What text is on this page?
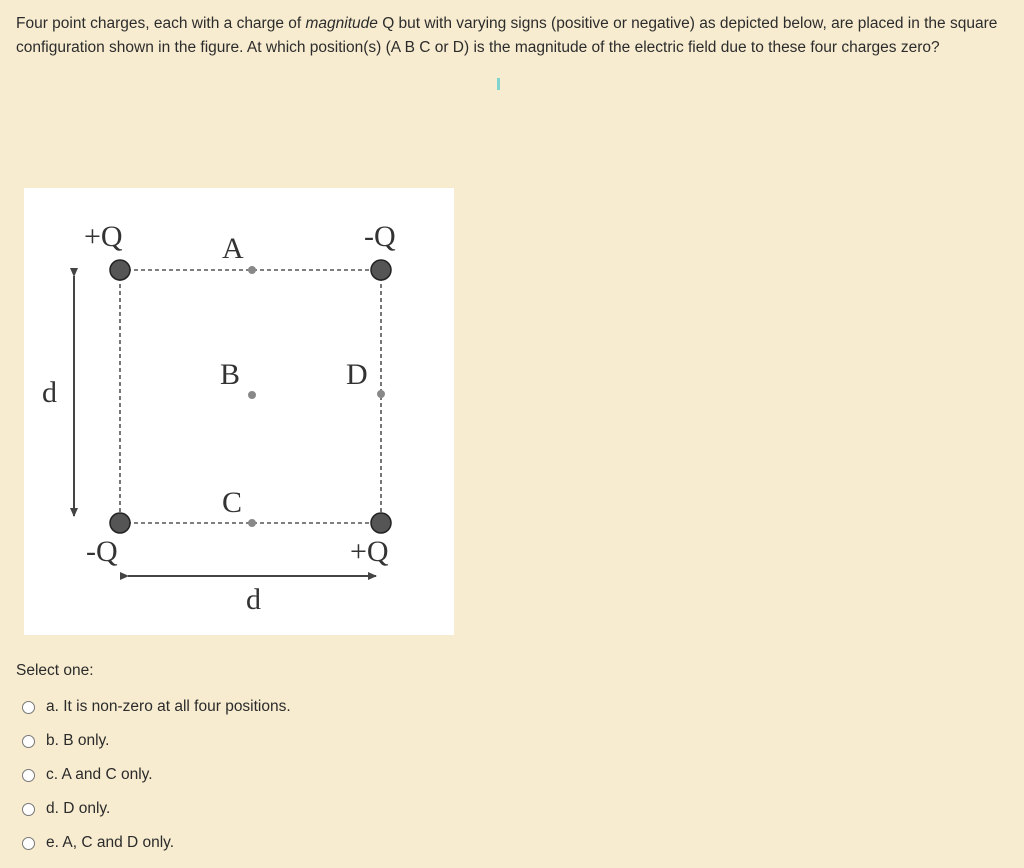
Four point charges, each with a charge of magnitude Q but with varying signs (positive or negative) as depicted below, are placed in the square configuration shown in the figure. At which position(s) (A B C or D) is the magnitude of the electric field due to these four charges zero?
+Q	-Q
-Q	+Q
A
B
C
D
d
d
Select one:
a. It is non-zero at all four positions.
b. B only.
c. A and C only.
d. D only.
e. A, C and D only.
